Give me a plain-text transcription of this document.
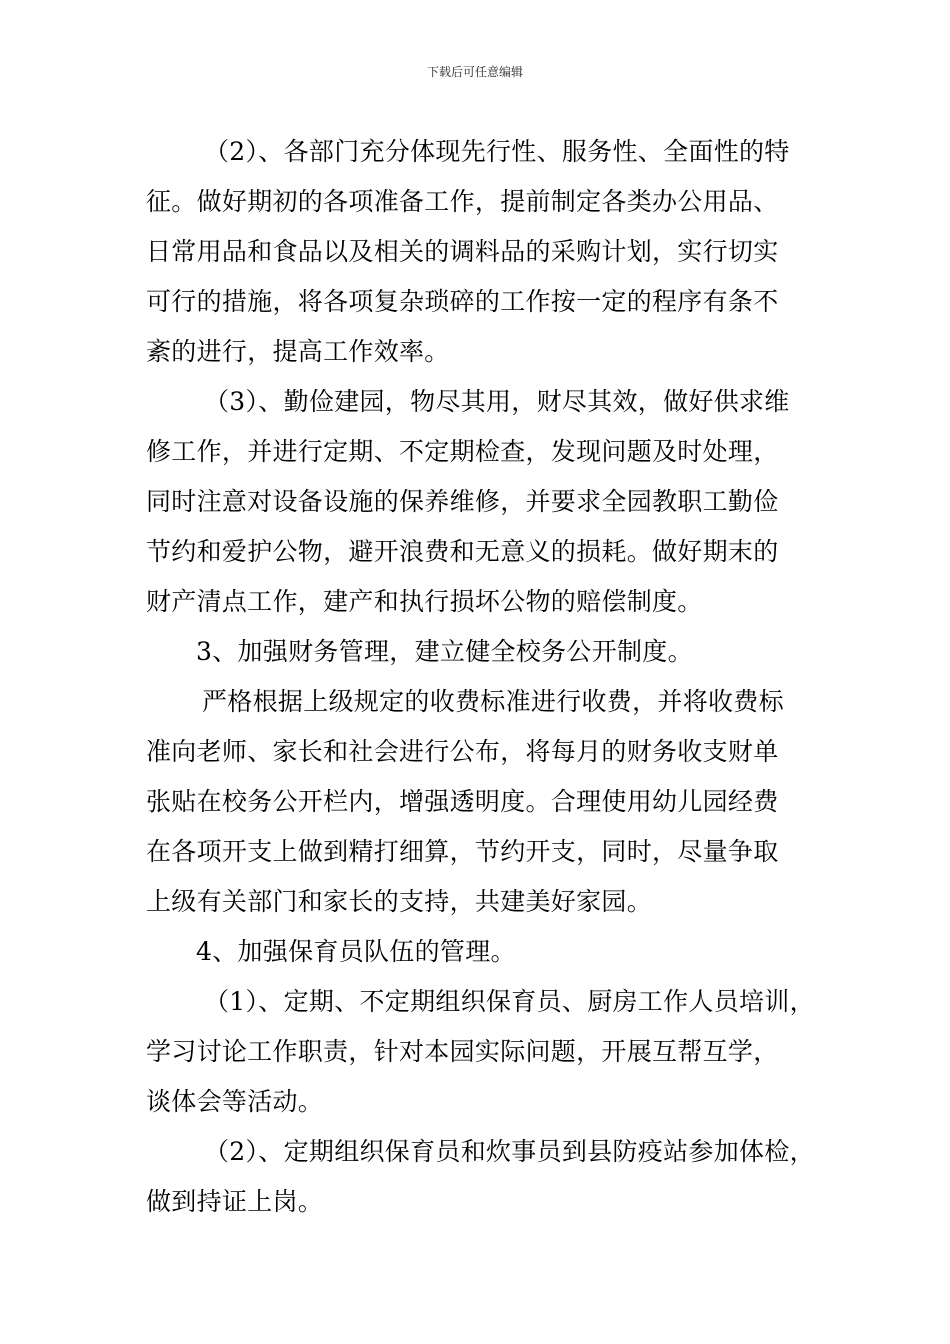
下载后可任意编辑
（2）、各部门充分体现先行性、服务性、全面性的特
征。做好期初的各项准备工作，提前制定各类办公用品、
日常用品和食品以及相关的调料品的采购计划，实行切实
可行的措施，将各项复杂琐碎的工作按一定的程序有条不
紊的进行，提高工作效率。
（3）、勤俭建园，物尽其用，财尽其效，做好供求维
修工作，并进行定期、不定期检查，发现问题及时处理，
同时注意对设备设施的保养维修，并要求全园教职工勤俭
节约和爱护公物，避开浪费和无意义的损耗。做好期末的
财产清点工作，建产和执行损坏公物的赔偿制度。
3、加强财务管理，建立健全校务公开制度。
严格根据上级规定的收费标准进行收费，并将收费标
准向老师、家长和社会进行公布，将每月的财务收支财单
张贴在校务公开栏内，增强透明度。合理使用幼儿园经费
在各项开支上做到精打细算，节约开支，同时，尽量争取
上级有关部门和家长的支持，共建美好家园。
4、加强保育员队伍的管理。
（1）、定期、不定期组织保育员、厨房工作人员培训，
学习讨论工作职责，针对本园实际问题，开展互帮互学，
谈体会等活动。
（2）、定期组织保育员和炊事员到县防疫站参加体检，
做到持证上岗。
